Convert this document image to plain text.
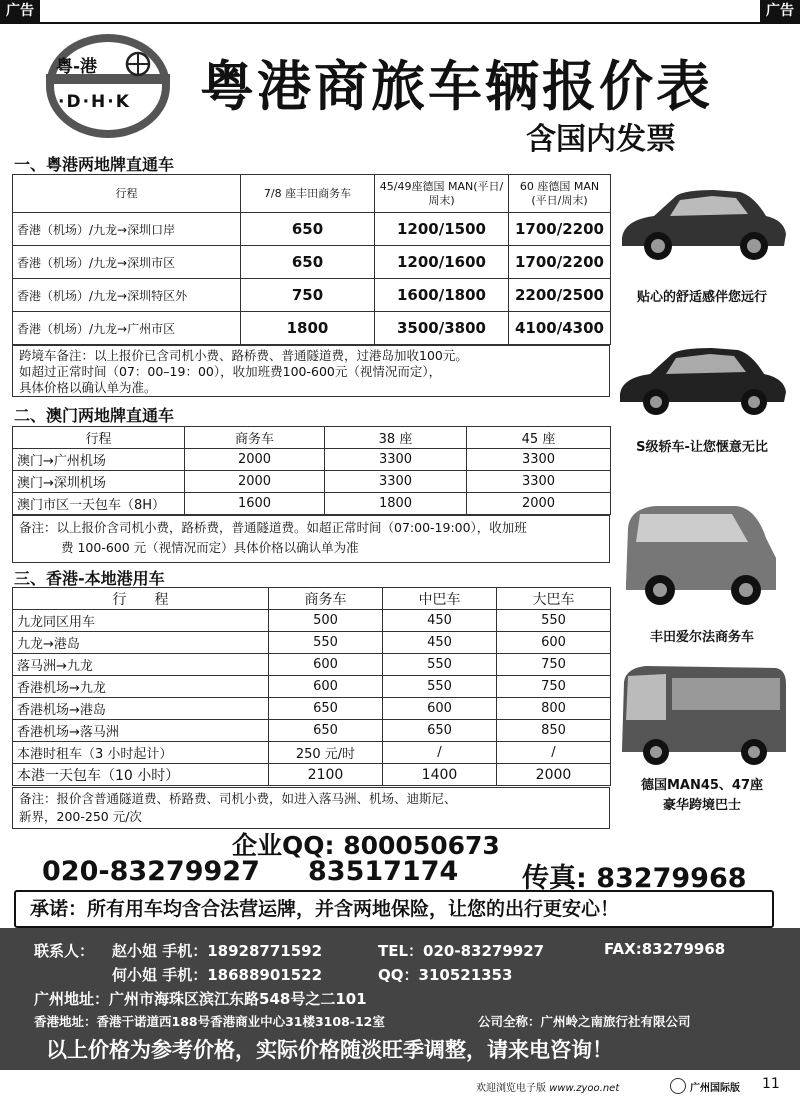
广告	广告
粤-港
·D·H·K 粤港商旅车辆报价表
含国内发票
一、粤港两地牌直通车
行程	7/8 座丰田商务车	45/49座德国 MAN(平日/周末)	60 座德国 MAN (平日/周末)
香港（机场）/九龙→深圳口岸	650	1200/1500	1700/2200
香港（机场）/九龙→深圳市区	650	1200/1600	1700/2200
香港（机场）/九龙→深圳特区外	750	1600/1800	2200/2500
香港（机场）/九龙→广州市区	1800	3500/3800	4100/4300
跨境车备注：以上报价已含司机小费、路桥费、普通隧道费，过港岛加收100元。
如超过正常时间（07：00–19：00），收加班费100-600元（视情况而定），
具体价格以确认单为准。
二、澳门两地牌直通车
行程	商务车	38 座	45 座
澳门→广州机场	2000	3300	3300
澳门→深圳机场	2000	3300	3300
澳门市区一天包车（8H）	1600	1800	2000
备注：以上报价含司机小费，路桥费，普通隧道费。如超正常时间（07:00-19:00），收加班
费 100-600 元（视情况而定）具体价格以确认单为准
三、香港-本地港用车
行　　程	商务车	中巴车	大巴车
九龙同区用车	500	450	550
九龙→港岛	550	450	600
落马洲→九龙	600	550	750
香港机场→九龙	600	550	750
香港机场→港岛	650	600	800
香港机场→落马洲	650	650	850
本港时租车（3 小时起计）	250 元/时	/	/
本港一天包车（10 小时）	2100	1400	2000
备注：报价含普通隧道费、桥路费、司机小费，如进入落马洲、机场、迪斯尼、
新界，200-250 元/次
贴心的舒适感伴您远行
S级轿车-让您惬意无比
丰田爱尔法商务车
德国MAN45、47座
豪华跨境巴士
企业QQ: 800050673
020-83279927 83517174 传真: 83279968
承诺：所有用车均含合法营运牌，并含两地保险，让您的出行更安心！
联系人： 赵小姐 手机：18928771592	TEL：020-83279927	FAX:83279968
何小姐 手机：18688901522	QQ：310521353
广州地址：广州市海珠区滨江东路548号之二101
香港地址：香港干诺道西188号香港商业中心31楼3108-12室	公司全称：广州岭之南旅行社有限公司
以上价格为参考价格，实际价格随淡旺季调整，请来电咨询！
欢迎浏览电子版 www.zyoo.net	广州国际版 11
